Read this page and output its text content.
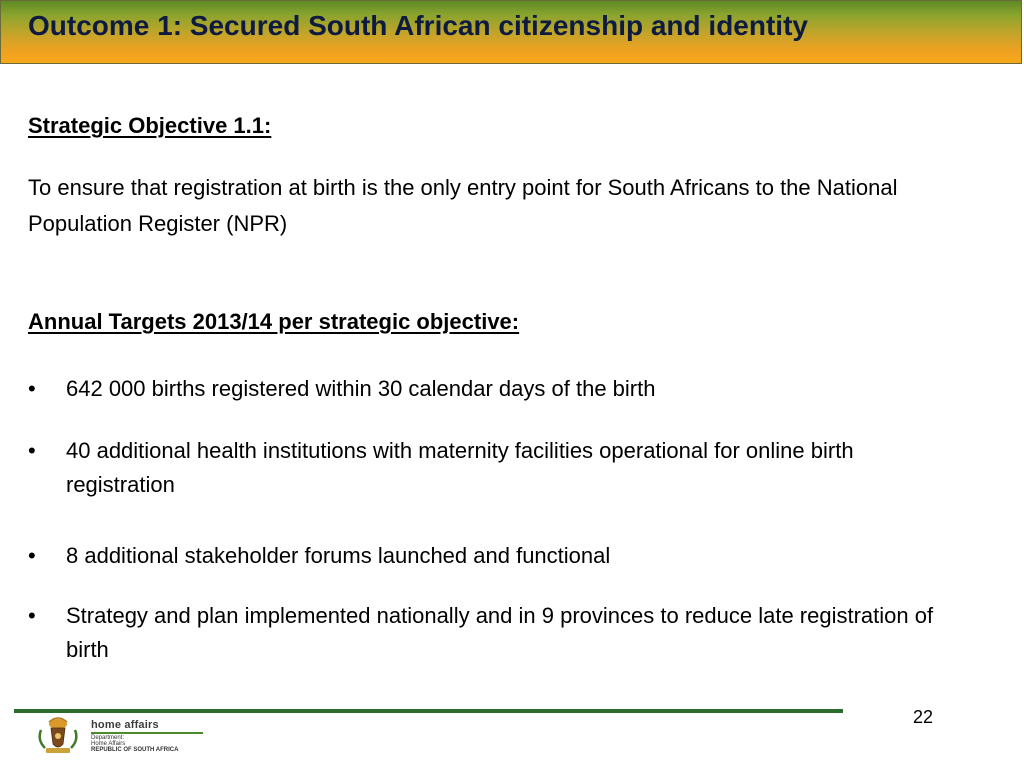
Outcome 1: Secured South African citizenship and identity

Strategic Objective 1.1:

To ensure that registration at birth is the only entry point for South Africans to the National Population Register (NPR)

Annual Targets 2013/14 per strategic objective:

•	642 000 births registered within 30 calendar days of the birth
•	40 additional health institutions with maternity facilities operational for online birth registration
•	8 additional stakeholder forums launched and functional
•	Strategy and plan implemented nationally and in 9 provinces to reduce late registration of birth

22

home affairs
Department:
Home Affairs
REPUBLIC OF SOUTH AFRICA
